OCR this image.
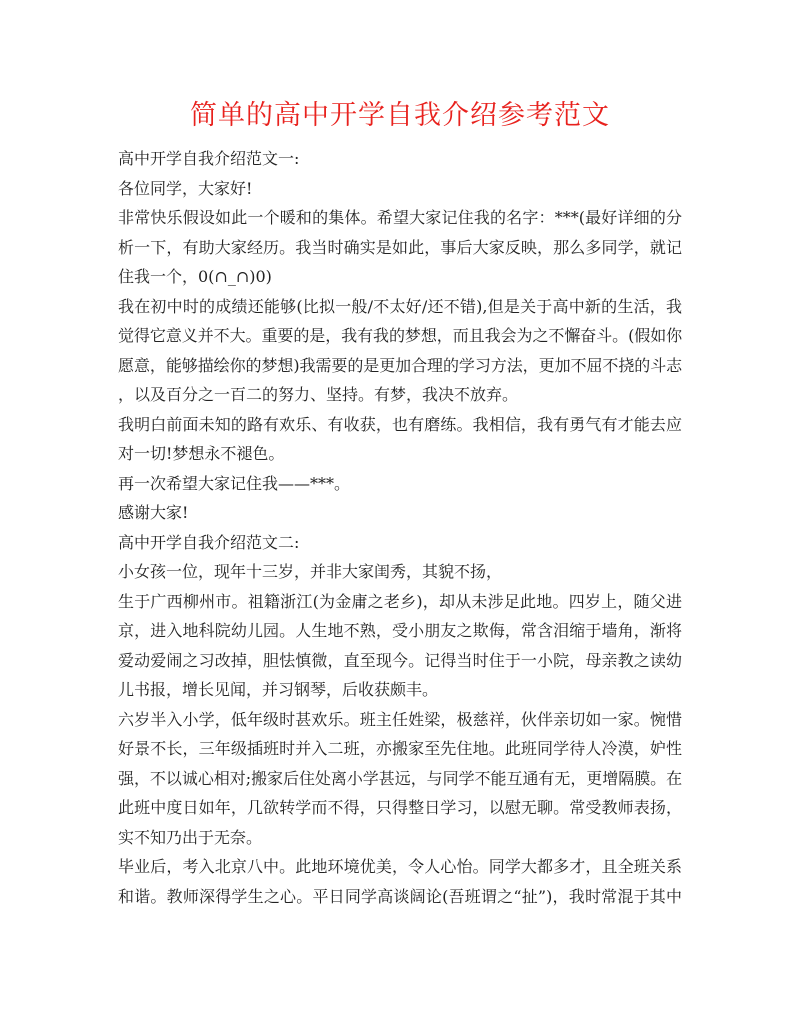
简单的高中开学自我介绍参考范文
高中开学自我介绍范文一:
各位同学，大家好!
非常快乐假设如此一个暖和的集体。希望大家记住我的名字：***(最好详细的分
析一下，有助大家经历。我当时确实是如此，事后大家反映，那么多同学，就记
住我一个，0(∩_∩)0)
我在初中时的成绩还能够(比拟一般/不太好/还不错),但是关于高中新的生活，我
觉得它意义并不大。重要的是，我有我的梦想，而且我会为之不懈奋斗。(假如你
愿意，能够描绘你的梦想)我需要的是更加合理的学习方法，更加不屈不挠的斗志
，以及百分之一百二的努力、坚持。有梦，我决不放弃。
我明白前面未知的路有欢乐、有收获，也有磨练。我相信，我有勇气有才能去应
对一切!梦想永不褪色。
再一次希望大家记住我——***。
感谢大家!
高中开学自我介绍范文二:
小女孩一位，现年十三岁，并非大家闺秀，其貌不扬，
生于广西柳州市。祖籍浙江(为金庸之老乡)，却从未涉足此地。四岁上，随父进
京，进入地科院幼儿园。人生地不熟，受小朋友之欺侮，常含泪缩于墙角，渐将
爱动爱闹之习改掉，胆怯慎微，直至现今。记得当时住于一小院，母亲教之读幼
儿书报，增长见闻，并习钢琴，后收获颇丰。
六岁半入小学，低年级时甚欢乐。班主任姓梁，极慈祥，伙伴亲切如一家。惋惜
好景不长，三年级插班时并入二班，亦搬家至先住地。此班同学待人冷漠，妒性
强，不以诚心相对;搬家后住处离小学甚远，与同学不能互通有无，更增隔膜。在
此班中度日如年，几欲转学而不得，只得整日学习，以慰无聊。常受教师表扬，
实不知乃出于无奈。
毕业后，考入北京八中。此地环境优美，令人心怡。同学大都多才，且全班关系
和谐。教师深得学生之心。平日同学高谈阔论(吾班谓之“扯”)，我时常混于其中
